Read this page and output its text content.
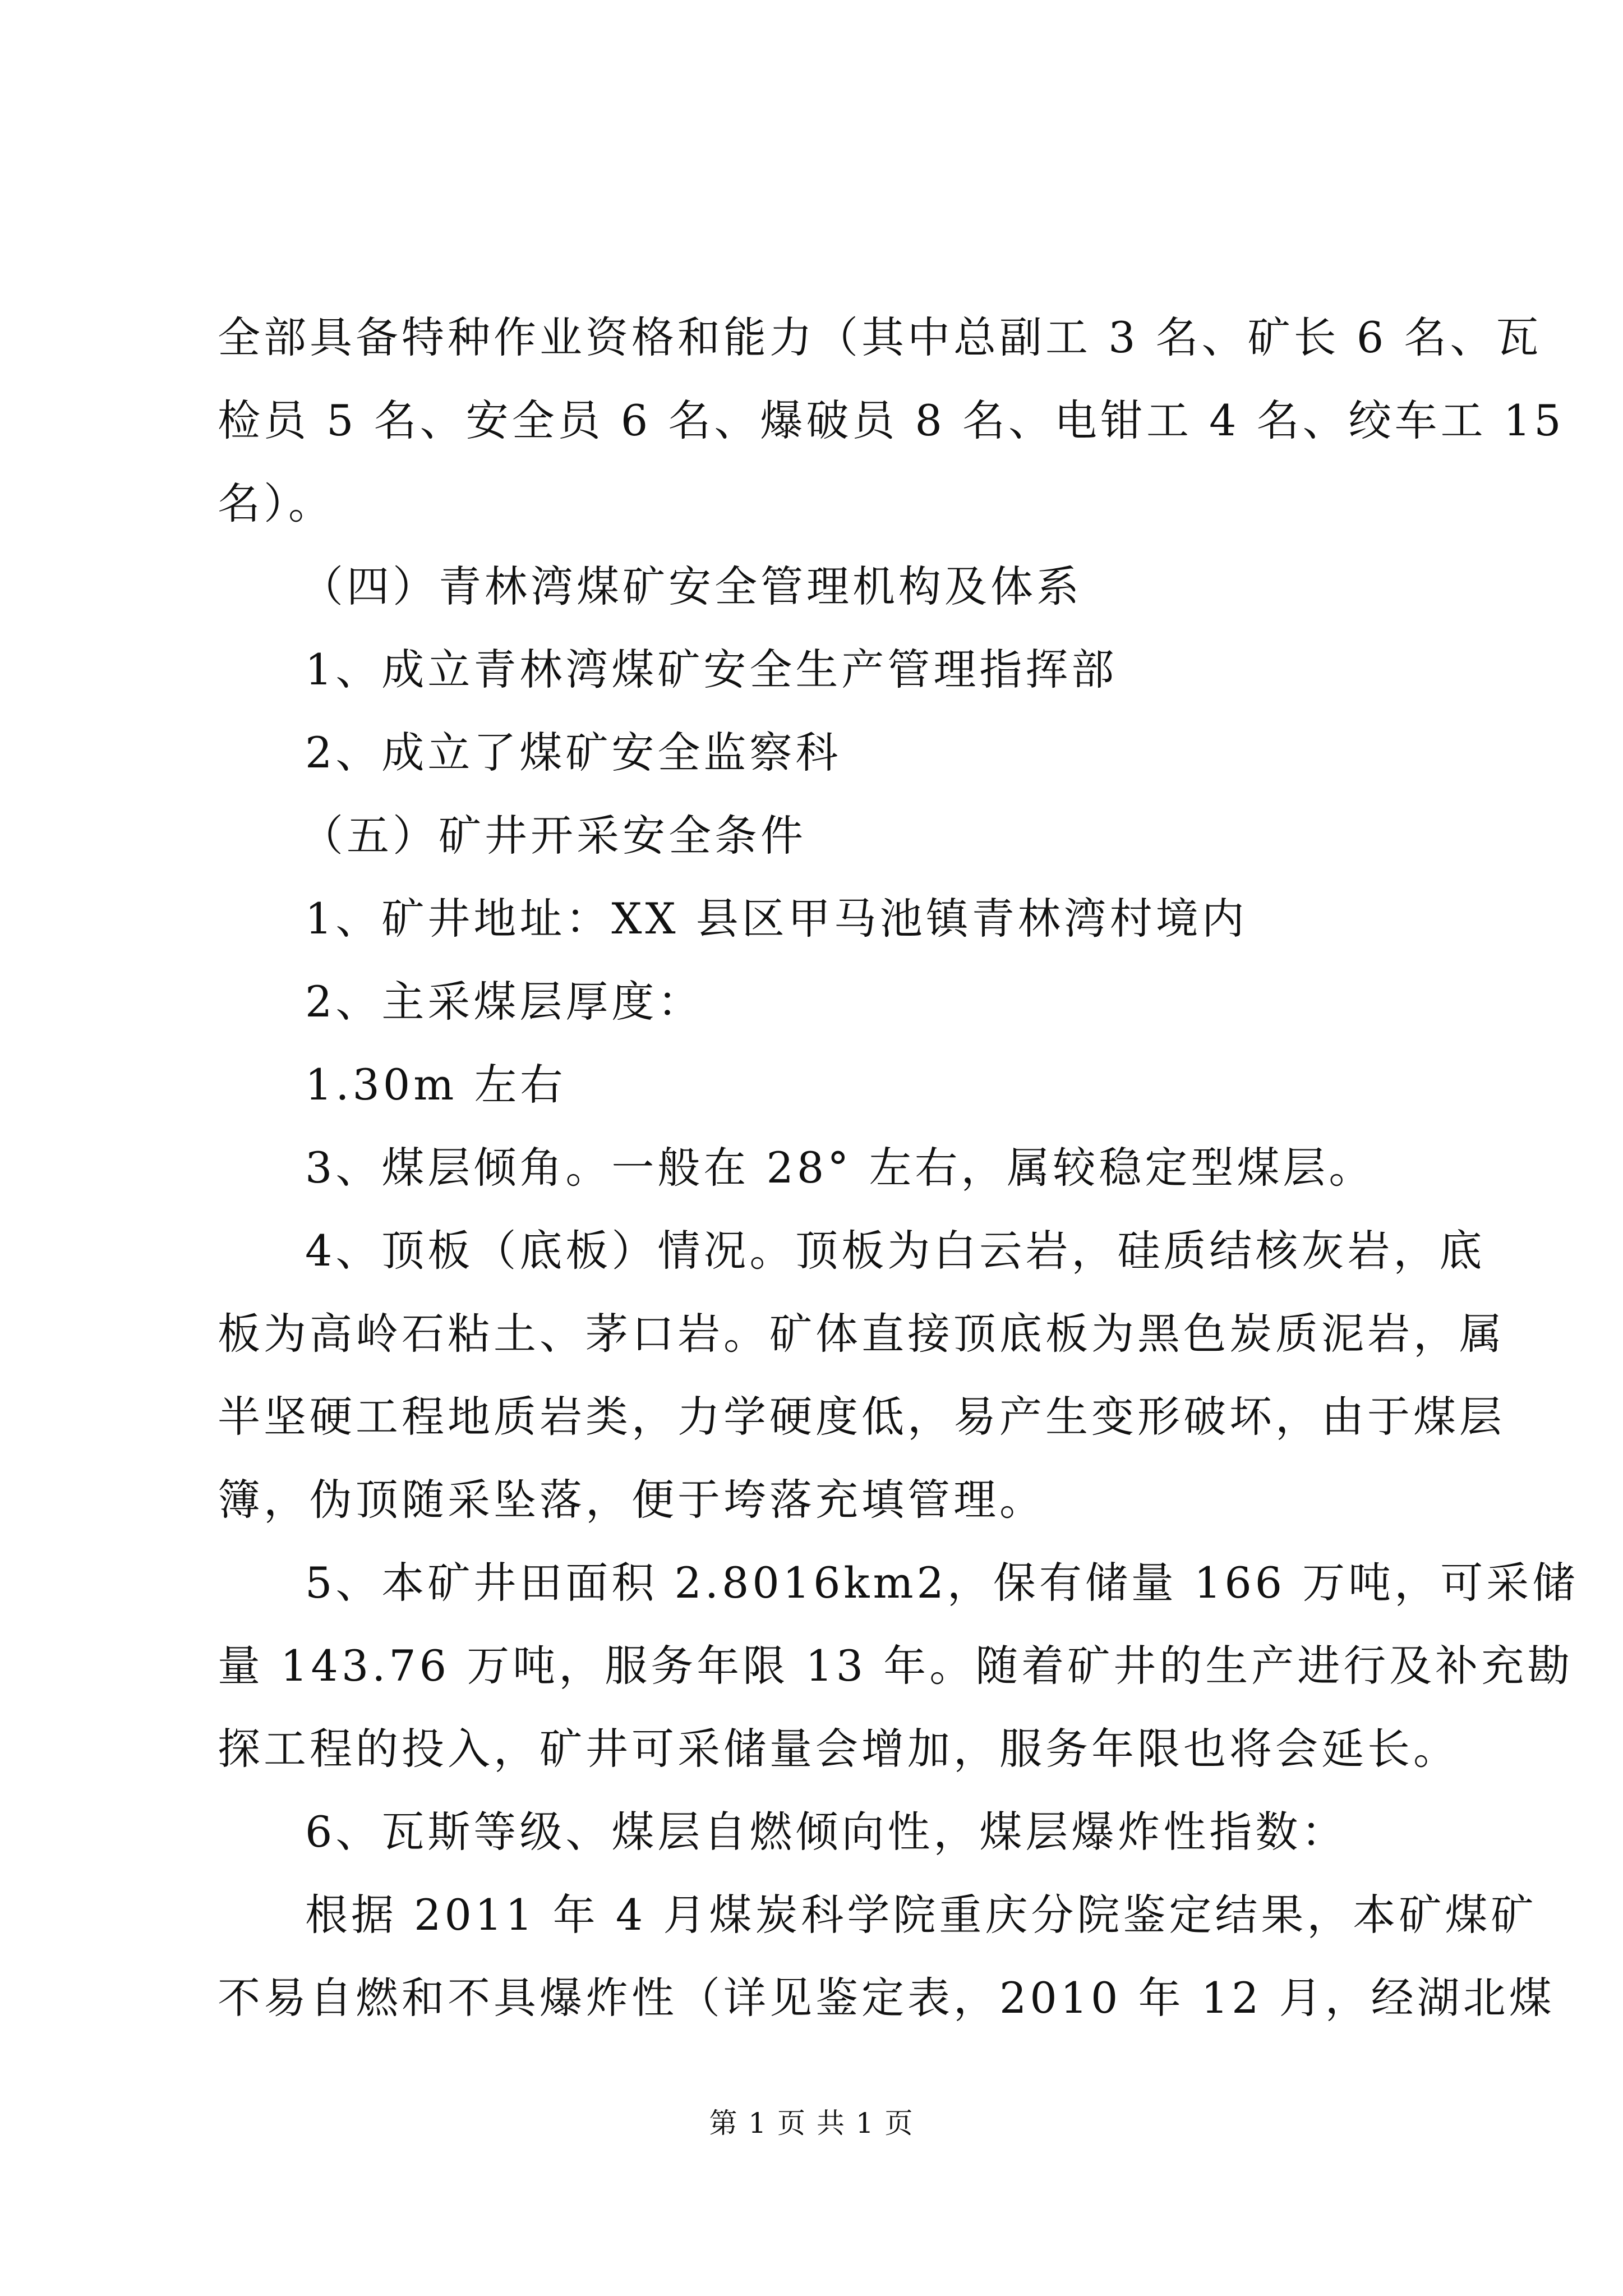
全部具备特种作业资格和能力（其中总副工 3 名、矿长 6 名、瓦
检员 5 名、安全员 6 名、爆破员 8 名、电钳工 4 名、绞车工 15
名）。
（四）青林湾煤矿安全管理机构及体系
1、成立青林湾煤矿安全生产管理指挥部
2、成立了煤矿安全监察科
（五）矿井开采安全条件
1、矿井地址：XX 县区甲马池镇青林湾村境内
2、主采煤层厚度：
1.30m 左右
3、煤层倾角。一般在 28° 左右，属较稳定型煤层。
4、顶板（底板）情况。顶板为白云岩，硅质结核灰岩，底
板为高岭石粘土、茅口岩。矿体直接顶底板为黑色炭质泥岩，属
半坚硬工程地质岩类，力学硬度低，易产生变形破坏，由于煤层
簿，伪顶随采坠落，便于垮落充填管理。
5、本矿井田面积 2.8016km2，保有储量 166 万吨，可采储
量 143.76 万吨，服务年限 13 年。随着矿井的生产进行及补充勘
探工程的投入，矿井可采储量会增加，服务年限也将会延长。
6、瓦斯等级、煤层自燃倾向性，煤层爆炸性指数：
根据 2011 年 4 月煤炭科学院重庆分院鉴定结果，本矿煤矿
不易自燃和不具爆炸性（详见鉴定表，2010 年 12 月，经湖北煤
第 1 页 共 1 页
